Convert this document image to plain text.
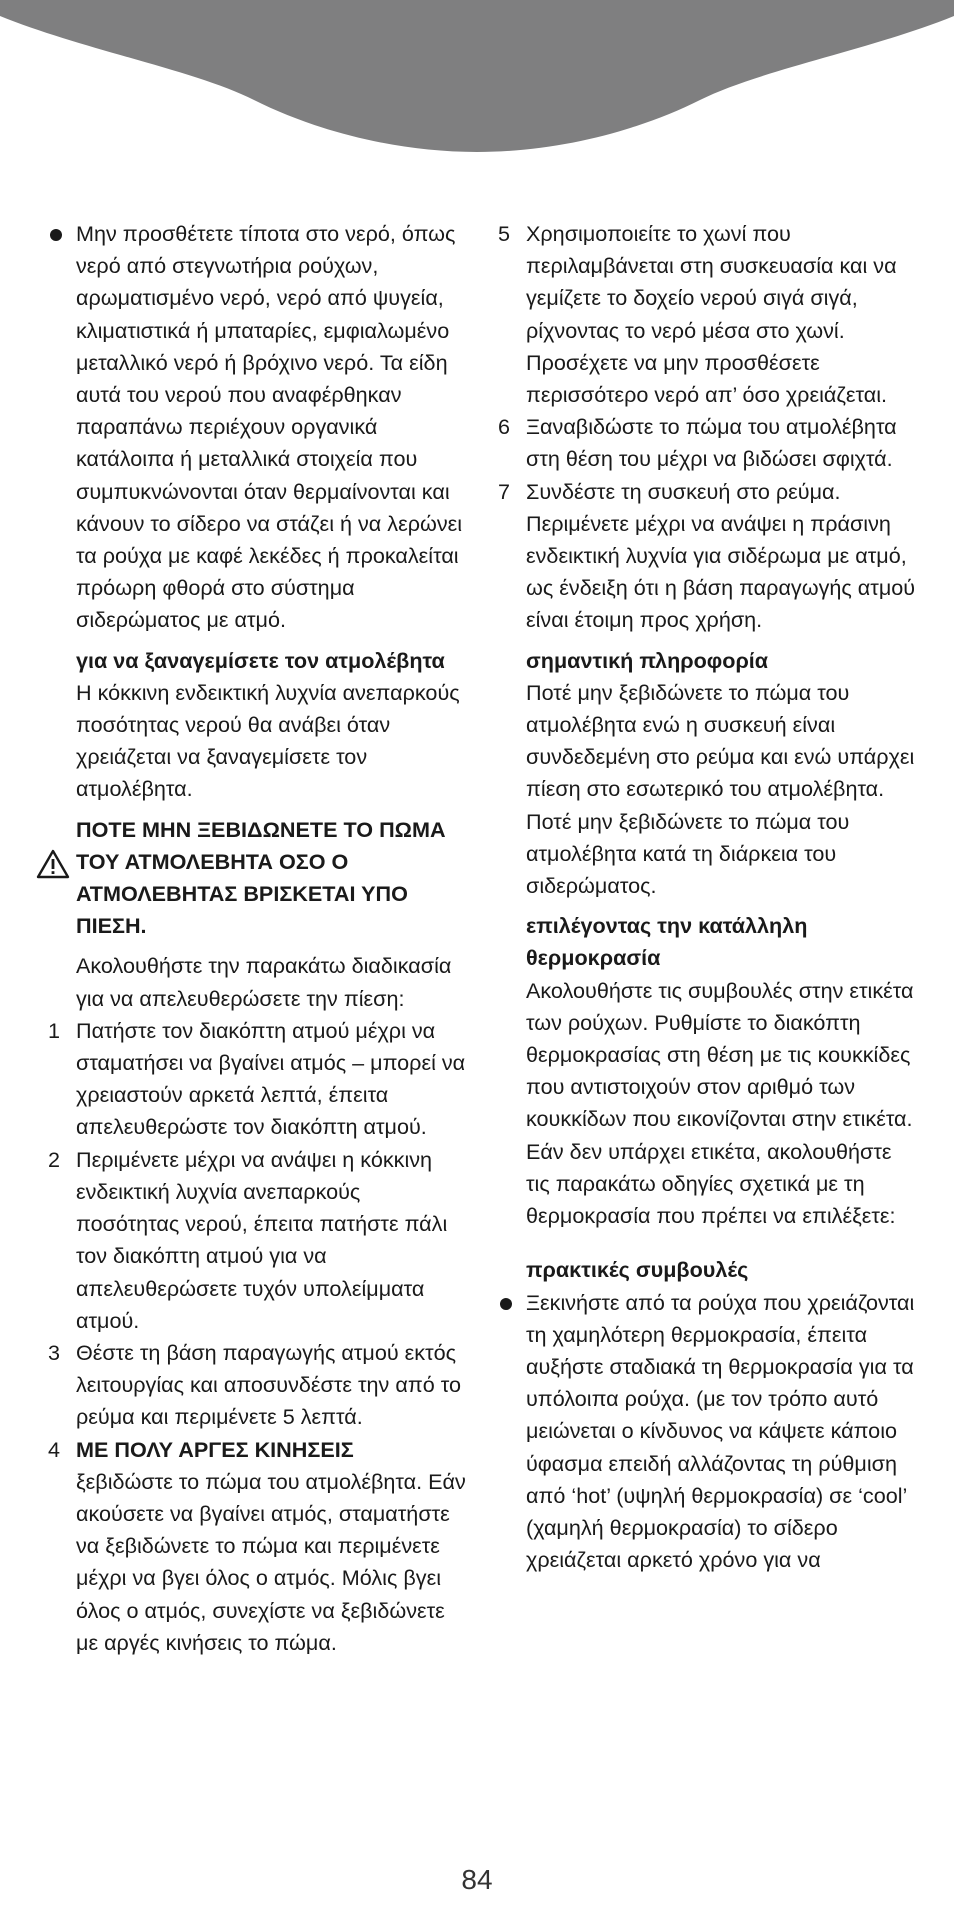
Μην προσθέτετε τίποτα στο νερό, όπως νερό από στεγνωτήρια ρούχων, αρωματισμένο νερό, νερό από ψυγεία, κλιματιστικά ή μπαταρίες, εμφιαλωμένο μεταλλικό νερό ή βρόχινο νερό. Τα είδη αυτά του νερού που αναφέρθηκαν παραπάνω περιέχουν οργανικά κατάλοιπα ή μεταλλικά στοιχεία που συμπυκνώνονται όταν θερμαίνονται και κάνουν το σίδερο να στάζει ή να λερώνει τα ρούχα με καφέ λεκέδες ή προκαλείται πρόωρη φθορά στο σύστημα σιδερώματος με ατμό.

για να ξαναγεμίσετε τον ατμολέβητα

Η κόκκινη ενδεικτική λυχνία ανεπαρκούς ποσότητας νερού θα ανάβει όταν χρειάζεται να ξαναγεμίσετε τον ατμολέβητα.

ΠΟΤΕ ΜΗΝ ΞΕΒΙΔΩΝΕΤΕ ΤΟ ΠΩΜΑ ΤΟΥ ΑΤΜΟΛΕΒΗΤΑ ΟΣΟ Ο ΑΤΜΟΛΕΒΗΤΑΣ ΒΡΙΣΚΕΤΑΙ ΥΠΟ ΠΙΕΣΗ.

Ακολουθήστε την παρακάτω διαδικασία για να απελευθερώσετε την πίεση:

1 Πατήστε τον διακόπτη ατμού μέχρι να σταματήσει να βγαίνει ατμός – μπορεί να χρειαστούν αρκετά λεπτά, έπειτα απελευθερώστε τον διακόπτη ατμού.

2 Περιμένετε μέχρι να ανάψει η κόκκινη ενδεικτική λυχνία ανεπαρκούς ποσότητας νερού, έπειτα πατήστε πάλι τον διακόπτη ατμού για να απελευθερώσετε τυχόν υπολείμματα ατμού.

3 Θέστε τη βάση παραγωγής ατμού εκτός λειτουργίας και αποσυνδέστε την από το ρεύμα και περιμένετε 5 λεπτά.

4 ΜΕ ΠΟΛΥ ΑΡΓΕΣ ΚΙΝΗΣΕΙΣ
ξεβιδώστε το πώμα του ατμολέβητα. Εάν ακούσετε να βγαίνει ατμός, σταματήστε να ξεβιδώνετε το πώμα και περιμένετε μέχρι να βγει όλος ο ατμός. Μόλις βγει όλος ο ατμός, συνεχίστε να ξεβιδώνετε με αργές κινήσεις το πώμα.

5 Χρησιμοποιείτε το χωνί που περιλαμβάνεται στη συσκευασία και να γεμίζετε το δοχείο νερού σιγά σιγά, ρίχνοντας το νερό μέσα στο χωνί. Προσέχετε να μην προσθέσετε περισσότερο νερό απ’ όσο χρειάζεται.

6 Ξαναβιδώστε το πώμα του ατμολέβητα στη θέση του μέχρι να βιδώσει σφιχτά.

7 Συνδέστε τη συσκευή στο ρεύμα. Περιμένετε μέχρι να ανάψει η πράσινη ενδεικτική λυχνία για σιδέρωμα με ατμό, ως ένδειξη ότι η βάση παραγωγής ατμού είναι έτοιμη προς χρήση.

σημαντική πληροφορία

Ποτέ μην ξεβιδώνετε το πώμα του ατμολέβητα ενώ η συσκευή είναι συνδεδεμένη στο ρεύμα και ενώ υπάρχει πίεση στο εσωτερικό του ατμολέβητα.

Ποτέ μην ξεβιδώνετε το πώμα του ατμολέβητα κατά τη διάρκεια του σιδερώματος.

επιλέγοντας την κατάλληλη θερμοκρασία

Ακολουθήστε τις συμβουλές στην ετικέτα των ρούχων. Ρυθμίστε το διακόπτη θερμοκρασίας στη θέση με τις κουκκίδες που αντιστοιχούν στον αριθμό των κουκκίδων που εικονίζονται στην ετικέτα. Εάν δεν υπάρχει ετικέτα, ακολουθήστε τις παρακάτω οδηγίες σχετικά με τη θερμοκρασία που πρέπει να επιλέξετε:

πρακτικές συμβουλές

Ξεκινήστε από τα ρούχα που χρειάζονται τη χαμηλότερη θερμοκρασία, έπειτα αυξήστε σταδιακά τη θερμοκρασία για τα υπόλοιπα ρούχα. (με τον τρόπο αυτό μειώνεται ο κίνδυνος να κάψετε κάποιο ύφασμα επειδή αλλάζοντας τη ρύθμιση από ‘hot’ (υψηλή θερμοκρασία) σε ‘cool’ (χαμηλή θερμοκρασία) το σίδερο χρειάζεται αρκετό χρόνο για να

84
